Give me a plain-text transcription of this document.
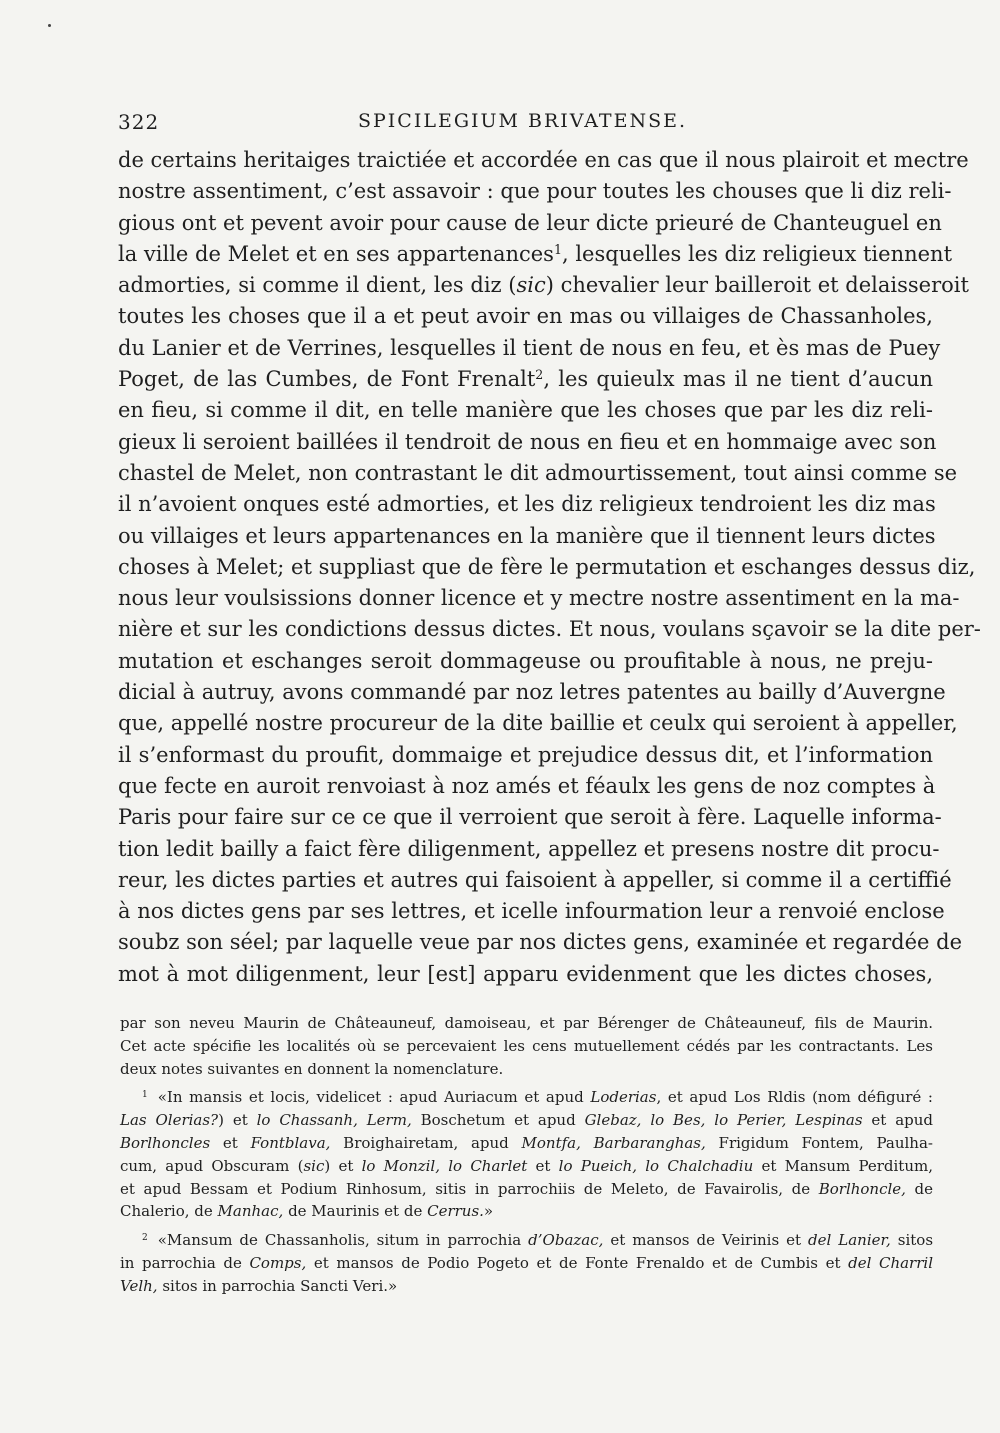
322	SPICILEGIUM BRIVATENSE.
de certains heritaiges traictiée et accordée en cas que il nous plairoit et mectre
nostre assentiment, c’est assavoir : que pour toutes les chouses que li diz reli-
gious ont et pevent avoir pour cause de leur dicte prieuré de Chanteuguel en
la ville de Melet et en ses appartenances$^1$, lesquelles les diz religieux tiennent
admorties, si comme il dient, les diz (sic) chevalier leur bailleroit et delaisseroit
toutes les choses que il a et peut avoir en mas ou villaiges de Chassanholes,
du Lanier et de Verrines, lesquelles il tient de nous en feu, et ès mas de Puey
Poget, de las Cumbes, de Font Frenalt$^2$, les quieulx mas il ne tient d’aucun
en fieu, si comme il dit, en telle manière que les choses que par les diz reli-
gieux li seroient baillées il tendroit de nous en fieu et en hommaige avec son
chastel de Melet, non contrastant le dit admourtissement, tout ainsi comme se
il n’avoient onques esté admorties, et les diz religieux tendroient les diz mas
ou villaiges et leurs appartenances en la manière que il tiennent leurs dictes
choses à Melet; et suppliast que de fère le permutation et eschanges dessus diz,
nous leur voulsissions donner licence et y mectre nostre assentiment en la ma-
nière et sur les condictions dessus dictes. Et nous, voulans sçavoir se la dite per-
mutation et eschanges seroit dommageuse ou proufitable à nous, ne preju-
dicial à autruy, avons commandé par noz letres patentes au bailly d’Auvergne
que, appellé nostre procureur de la dite baillie et ceulx qui seroient à appeller,
il s’enformast du proufit, dommaige et prejudice dessus dit, et l’information
que fecte en auroit renvoiast à noz amés et féaulx les gens de noz comptes à
Paris pour faire sur ce ce que il verroient que seroit à fère. Laquelle informa-
tion ledit bailly a faict fère diligenment, appellez et presens nostre dit procu-
reur, les dictes parties et autres qui faisoient à appeller, si comme il a certiffié
à nos dictes gens par ses lettres, et icelle infourmation leur a renvoié enclose
soubz son séel; par laquelle veue par nos dictes gens, examinée et regardée de
mot à mot diligenment, leur [est] apparu evidenment que les dictes choses,
par son neveu Maurin de Châteauneuf, damoiseau, et par Bérenger de Châteauneuf, fils de Maurin.
Cet acte spécifie les localités où se percevaient les cens mutuellement cédés par les contractants. Les
deux notes suivantes en donnent la nomenclature.
$^1$ «In mansis et locis, videlicet : apud Auriacum et apud Loderias, et apud Los Rldis (nom défiguré :
Las Olerias?) et lo Chassanh, Lerm, Boschetum et apud Glebaz, lo Bes, lo Perier, Lespinas et apud
Borlhoncles et Fontblava, Broighairetam, apud Montfa, Barbaranghas, Frigidum Fontem, Paulha-
cum, apud Obscuram (sic) et lo Monzil, lo Charlet et lo Pueich, lo Chalchadiu et Mansum Perditum,
et apud Bessam et Podium Rinhosum, sitis in parrochiis de Meleto, de Favairolis, de Borlhoncle, de
Chalerio, de Manhac, de Maurinis et de Cerrus.»
$^2$ «Mansum de Chassanholis, situm in parrochia d’Obazac, et mansos de Veirinis et del Lanier, sitos
in parrochia de Comps, et mansos de Podio Pogeto et de Fonte Frenaldo et de Cumbis et del Charril
Velh, sitos in parrochia Sancti Veri.»
